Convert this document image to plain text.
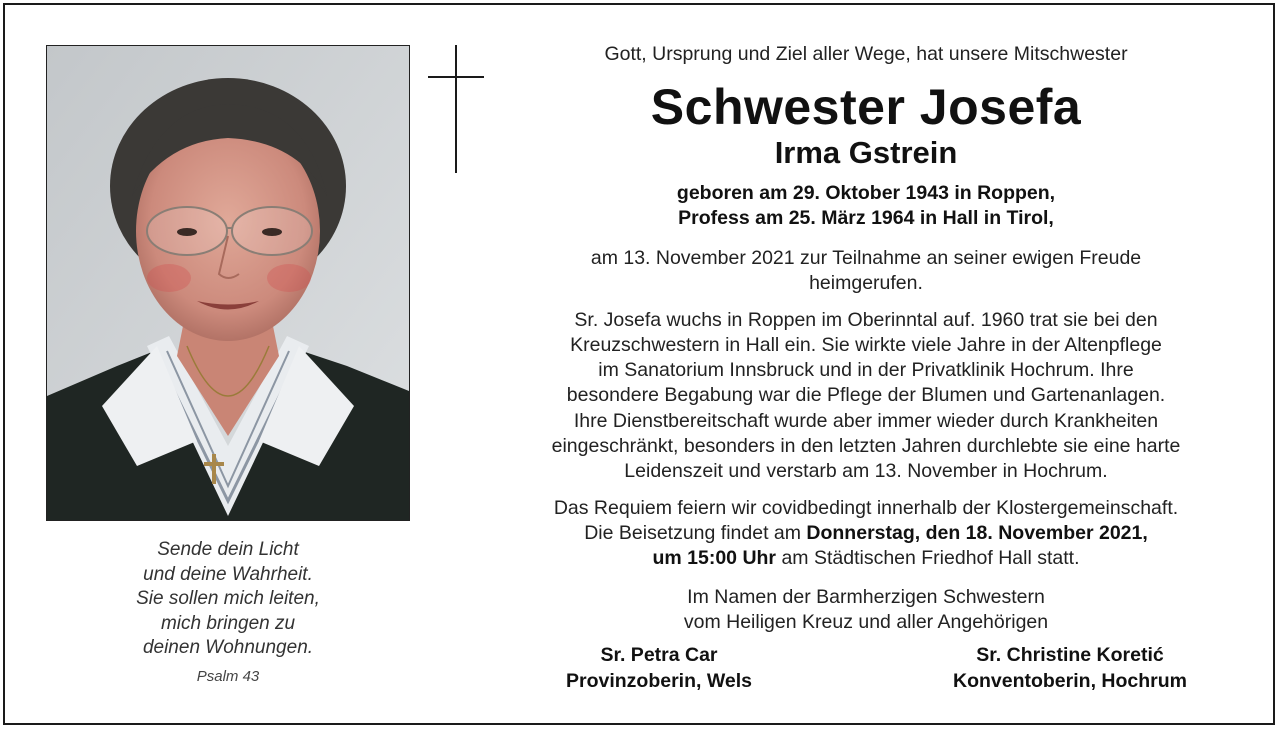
Sende dein Licht
und deine Wahrheit.
Sie sollen mich leiten,
mich bringen zu
deinen Wohnungen.
Psalm 43
Gott, Ursprung und Ziel aller Wege, hat unsere Mitschwester
Schwester Josefa
Irma Gstrein
geboren am 29. Oktober 1943 in Roppen,
Profess am 25. März 1964 in Hall in Tirol,
am 13. November 2021 zur Teilnahme an seiner ewigen Freude
heimgerufen.
Sr. Josefa wuchs in Roppen im Oberinntal auf. 1960 trat sie bei den
Kreuzschwestern in Hall ein. Sie wirkte viele Jahre in der Altenpflege
im Sanatorium Innsbruck und in der Privatklinik Hochrum. Ihre
besondere Begabung war die Pflege der Blumen und Gartenanlagen.
Ihre Dienstbereitschaft wurde aber immer wieder durch Krankheiten
eingeschränkt, besonders in den letzten Jahren durchlebte sie eine harte
Leidenszeit und verstarb am 13. November in Hochrum.
Das Requiem feiern wir covidbedingt innerhalb der Klostergemeinschaft.
Die Beisetzung findet am Donnerstag, den 18. November 2021,
um 15:00 Uhr am Städtischen Friedhof Hall statt.
Im Namen der Barmherzigen Schwestern
vom Heiligen Kreuz und aller Angehörigen
Sr. Petra Car
Provinzoberin, Wels
Sr. Christine Koretić
Konventoberin, Hochrum
